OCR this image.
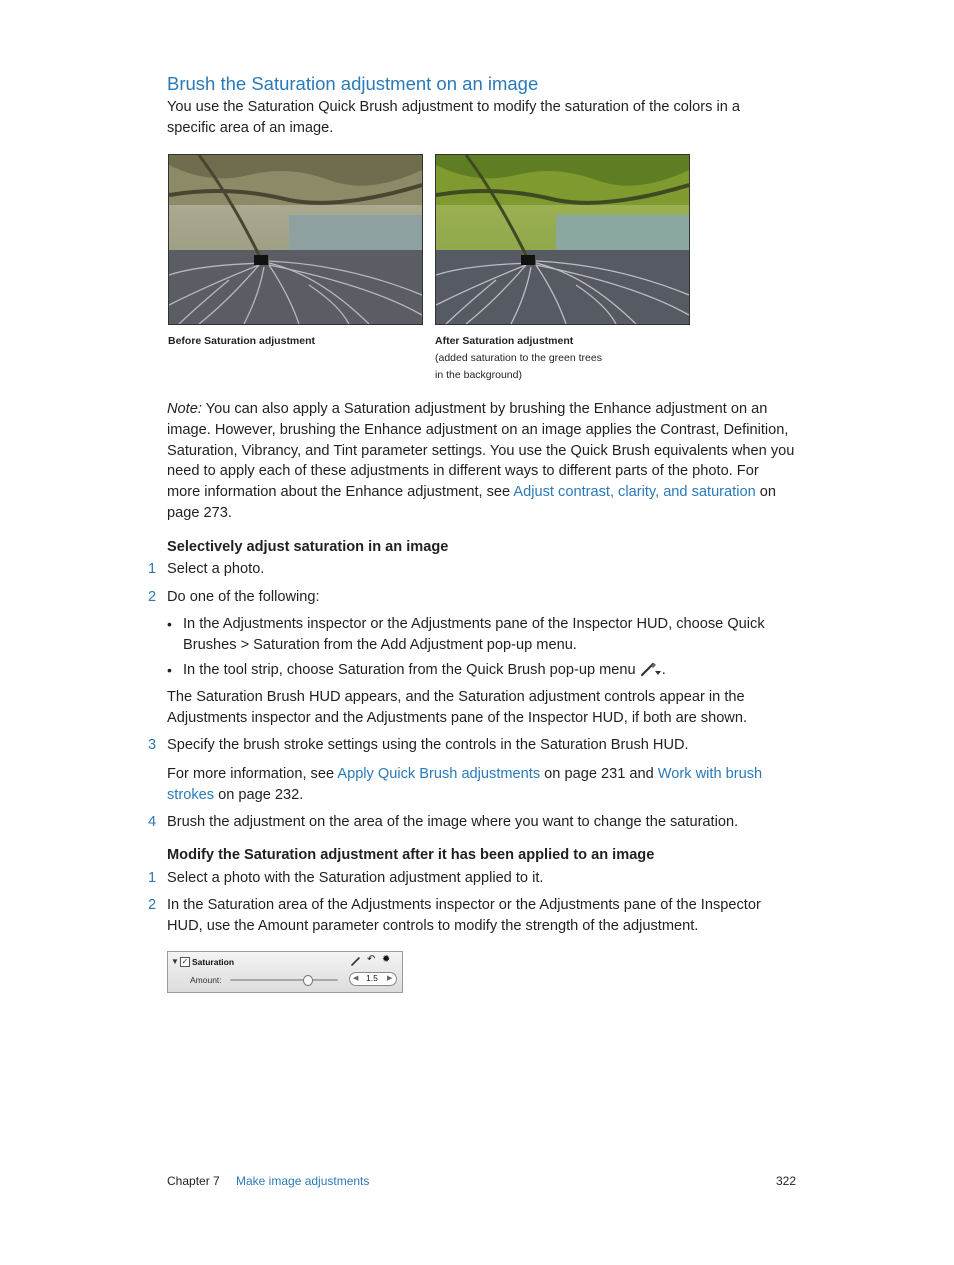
Brush the Saturation adjustment on an image
You use the Saturation Quick Brush adjustment to modify the saturation of the colors in a specific area of an image.
Before Saturation adjustment	After Saturation adjustment
(added saturation to the green trees
in the background)
Note: You can also apply a Saturation adjustment by brushing the Enhance adjustment on an image. However, brushing the Enhance adjustment on an image applies the Contrast, Definition, Saturation, Vibrancy, and Tint parameter settings. You use the Quick Brush equivalents when you need to apply each of these adjustments in different ways to different parts of the photo. For more information about the Enhance adjustment, see Adjust contrast, clarity, and saturation on page 273.
Selectively adjust saturation in an image
1 Select a photo.
2 Do one of the following:
• In the Adjustments inspector or the Adjustments pane of the Inspector HUD, choose Quick Brushes > Saturation from the Add Adjustment pop-up menu.
• In the tool strip, choose Saturation from the Quick Brush pop-up menu .
The Saturation Brush HUD appears, and the Saturation adjustment controls appear in the Adjustments inspector and the Adjustments pane of the Inspector HUD, if both are shown.
3 Specify the brush stroke settings using the controls in the Saturation Brush HUD.
For more information, see Apply Quick Brush adjustments on page 231 and Work with brush strokes on page 232.
4 Brush the adjustment on the area of the image where you want to change the saturation.
Modify the Saturation adjustment after it has been applied to an image
1 Select a photo with the Saturation adjustment applied to it.
2 In the Saturation area of the Adjustments inspector or the Adjustments pane of the Inspector HUD, use the Amount parameter controls to modify the strength of the adjustment.
▼ ✓ Saturation	↶ ✹
Amount:	◀ 1.5 ▶
Chapter 7 Make image adjustments	322
